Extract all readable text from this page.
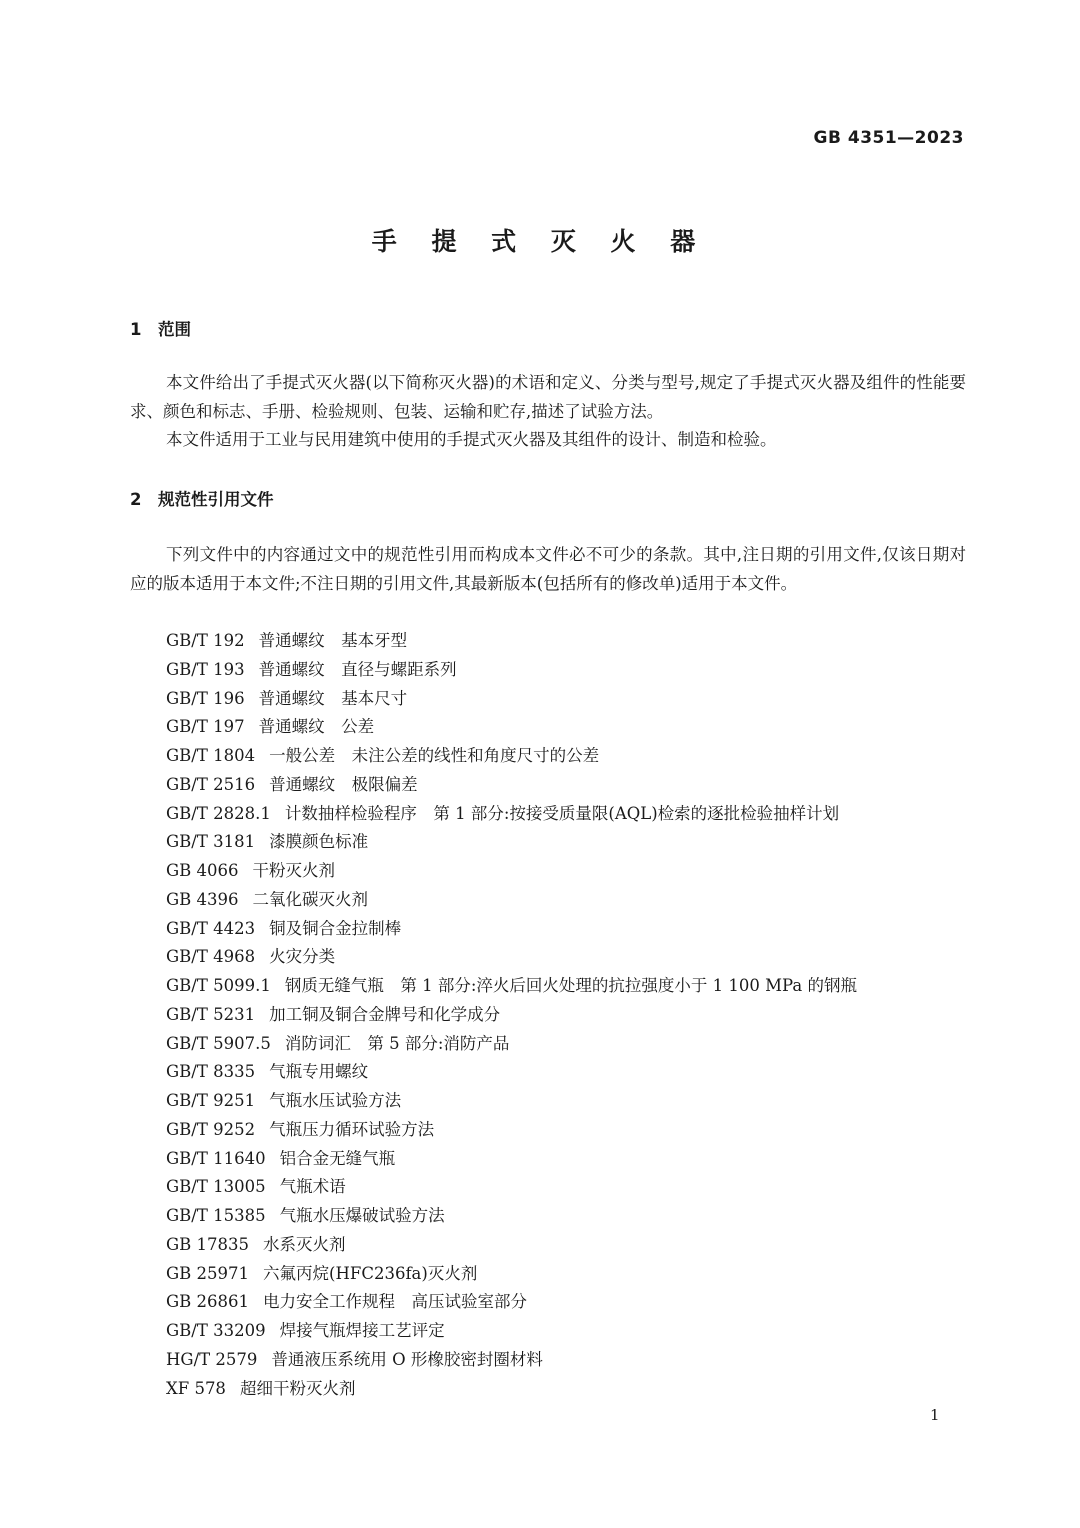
GB 4351—2023
手 提 式 灭 火 器
1 范围
本文件给出了手提式灭火器(以下简称灭火器)的术语和定义、分类与型号,规定了手提式灭火器及组件的性能要求、颜色和标志、手册、检验规则、包装、运输和贮存,描述了试验方法。
本文件适用于工业与民用建筑中使用的手提式灭火器及其组件的设计、制造和检验。
2 规范性引用文件
下列文件中的内容通过文中的规范性引用而构成本文件必不可少的条款。其中,注日期的引用文件,仅该日期对应的版本适用于本文件;不注日期的引用文件,其最新版本(包括所有的修改单)适用于本文件。
GB/T 192 普通螺纹　基本牙型
GB/T 193 普通螺纹　直径与螺距系列
GB/T 196 普通螺纹　基本尺寸
GB/T 197 普通螺纹　公差
GB/T 1804 一般公差　未注公差的线性和角度尺寸的公差
GB/T 2516 普通螺纹　极限偏差
GB/T 2828.1 计数抽样检验程序　第 1 部分:按接受质量限(AQL)检索的逐批检验抽样计划
GB/T 3181 漆膜颜色标准
GB 4066 干粉灭火剂
GB 4396 二氧化碳灭火剂
GB/T 4423 铜及铜合金拉制棒
GB/T 4968 火灾分类
GB/T 5099.1 钢质无缝气瓶　第 1 部分:淬火后回火处理的抗拉强度小于 1 100 MPa 的钢瓶
GB/T 5231 加工铜及铜合金牌号和化学成分
GB/T 5907.5 消防词汇　第 5 部分:消防产品
GB/T 8335 气瓶专用螺纹
GB/T 9251 气瓶水压试验方法
GB/T 9252 气瓶压力循环试验方法
GB/T 11640 铝合金无缝气瓶
GB/T 13005 气瓶术语
GB/T 15385 气瓶水压爆破试验方法
GB 17835 水系灭火剂
GB 25971 六氟丙烷(HFC236fa)灭火剂
GB 26861 电力安全工作规程　高压试验室部分
GB/T 33209 焊接气瓶焊接工艺评定
HG/T 2579 普通液压系统用 O 形橡胶密封圈材料
XF 578 超细干粉灭火剂
1
